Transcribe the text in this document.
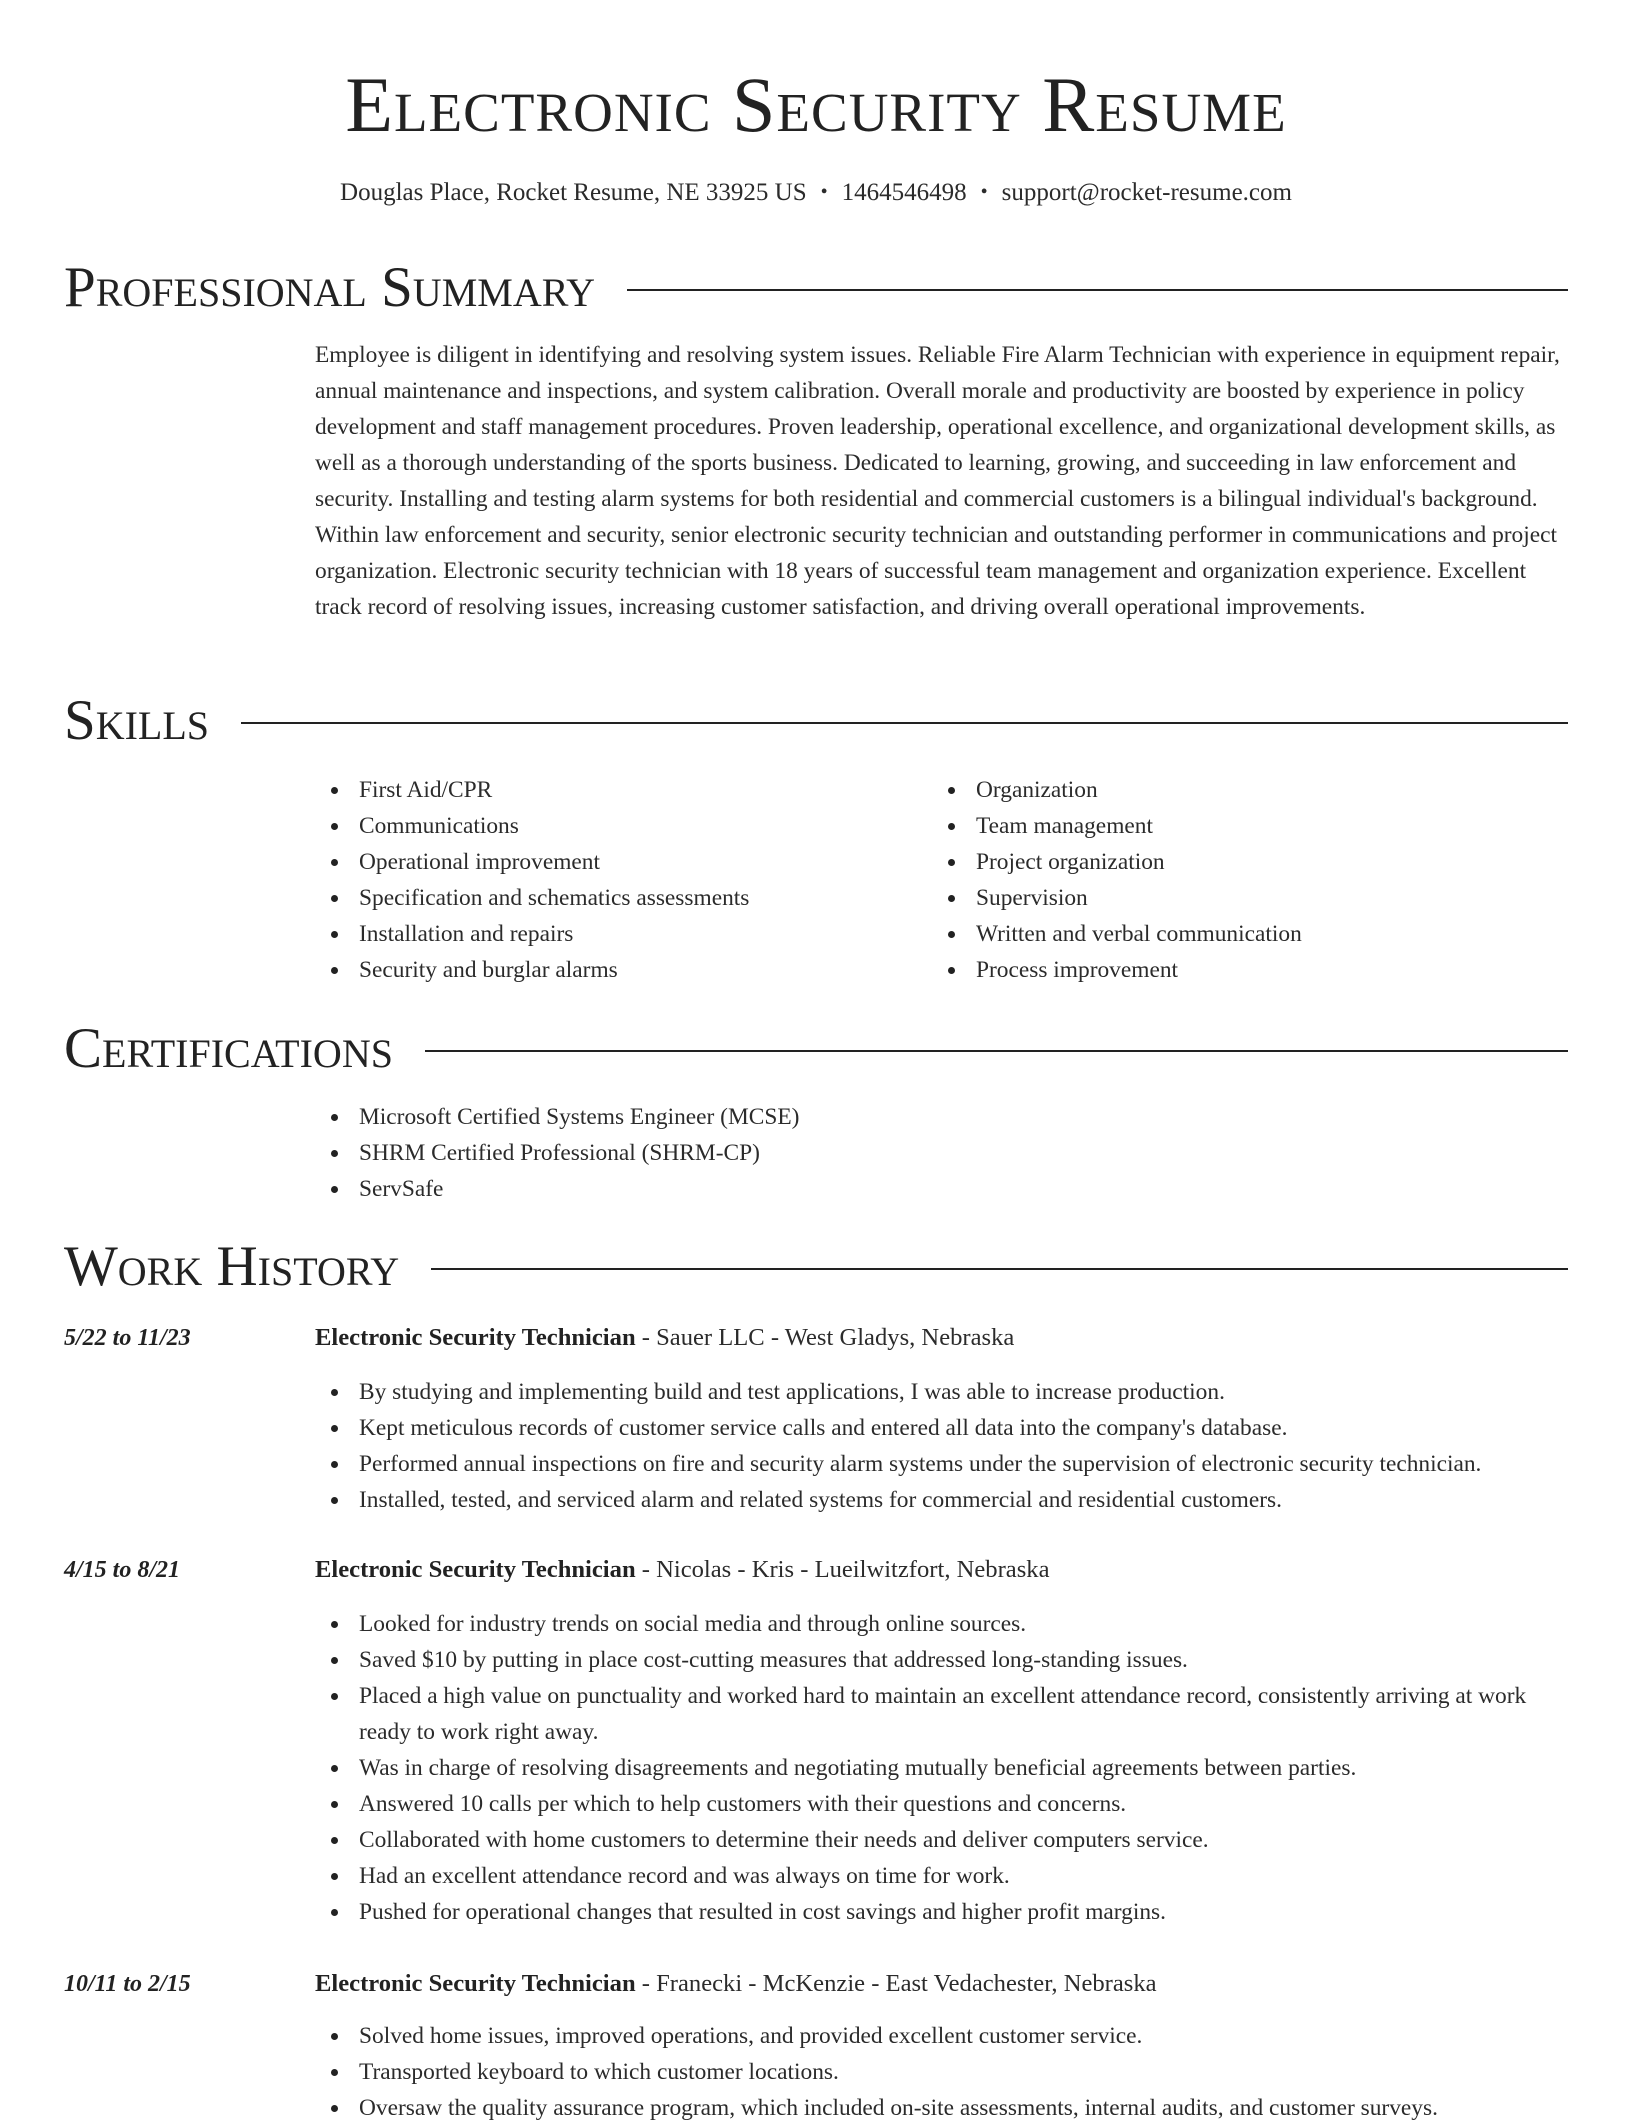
Electronic Security Resume
Douglas Place, Rocket Resume, NE 33925 US • 1464546498 • support@rocket-resume.com
Professional Summary
Employee is diligent in identifying and resolving system issues. Reliable Fire Alarm Technician with experience in equipment repair, annual maintenance and inspections, and system calibration. Overall morale and productivity are boosted by experience in policy development and staff management procedures. Proven leadership, operational excellence, and organizational development skills, as well as a thorough understanding of the sports business. Dedicated to learning, growing, and succeeding in law enforcement and security. Installing and testing alarm systems for both residential and commercial customers is a bilingual individual's background. Within law enforcement and security, senior electronic security technician and outstanding performer in communications and project organization. Electronic security technician with 18 years of successful team management and organization experience. Excellent track record of resolving issues, increasing customer satisfaction, and driving overall operational improvements.
Skills
First Aid/CPR
Communications
Operational improvement
Specification and schematics assessments
Installation and repairs
Security and burglar alarms
Organization
Team management
Project organization
Supervision
Written and verbal communication
Process improvement
Certifications
Microsoft Certified Systems Engineer (MCSE)
SHRM Certified Professional (SHRM-CP)
ServSafe
Work History
5/22 to 11/23	Electronic Security Technician - Sauer LLC - West Gladys, Nebraska
By studying and implementing build and test applications, I was able to increase production.
Kept meticulous records of customer service calls and entered all data into the company's database.
Performed annual inspections on fire and security alarm systems under the supervision of electronic security technician.
Installed, tested, and serviced alarm and related systems for commercial and residential customers.
4/15 to 8/21	Electronic Security Technician - Nicolas - Kris - Lueilwitzfort, Nebraska
Looked for industry trends on social media and through online sources.
Saved $10 by putting in place cost-cutting measures that addressed long-standing issues.
Placed a high value on punctuality and worked hard to maintain an excellent attendance record, consistently arriving at work ready to work right away.
Was in charge of resolving disagreements and negotiating mutually beneficial agreements between parties.
Answered 10 calls per which to help customers with their questions and concerns.
Collaborated with home customers to determine their needs and deliver computers service.
Had an excellent attendance record and was always on time for work.
Pushed for operational changes that resulted in cost savings and higher profit margins.
10/11 to 2/15	Electronic Security Technician - Franecki - McKenzie - East Vedachester, Nebraska
Solved home issues, improved operations, and provided excellent customer service.
Transported keyboard to which customer locations.
Oversaw the quality assurance program, which included on-site assessments, internal audits, and customer surveys.
